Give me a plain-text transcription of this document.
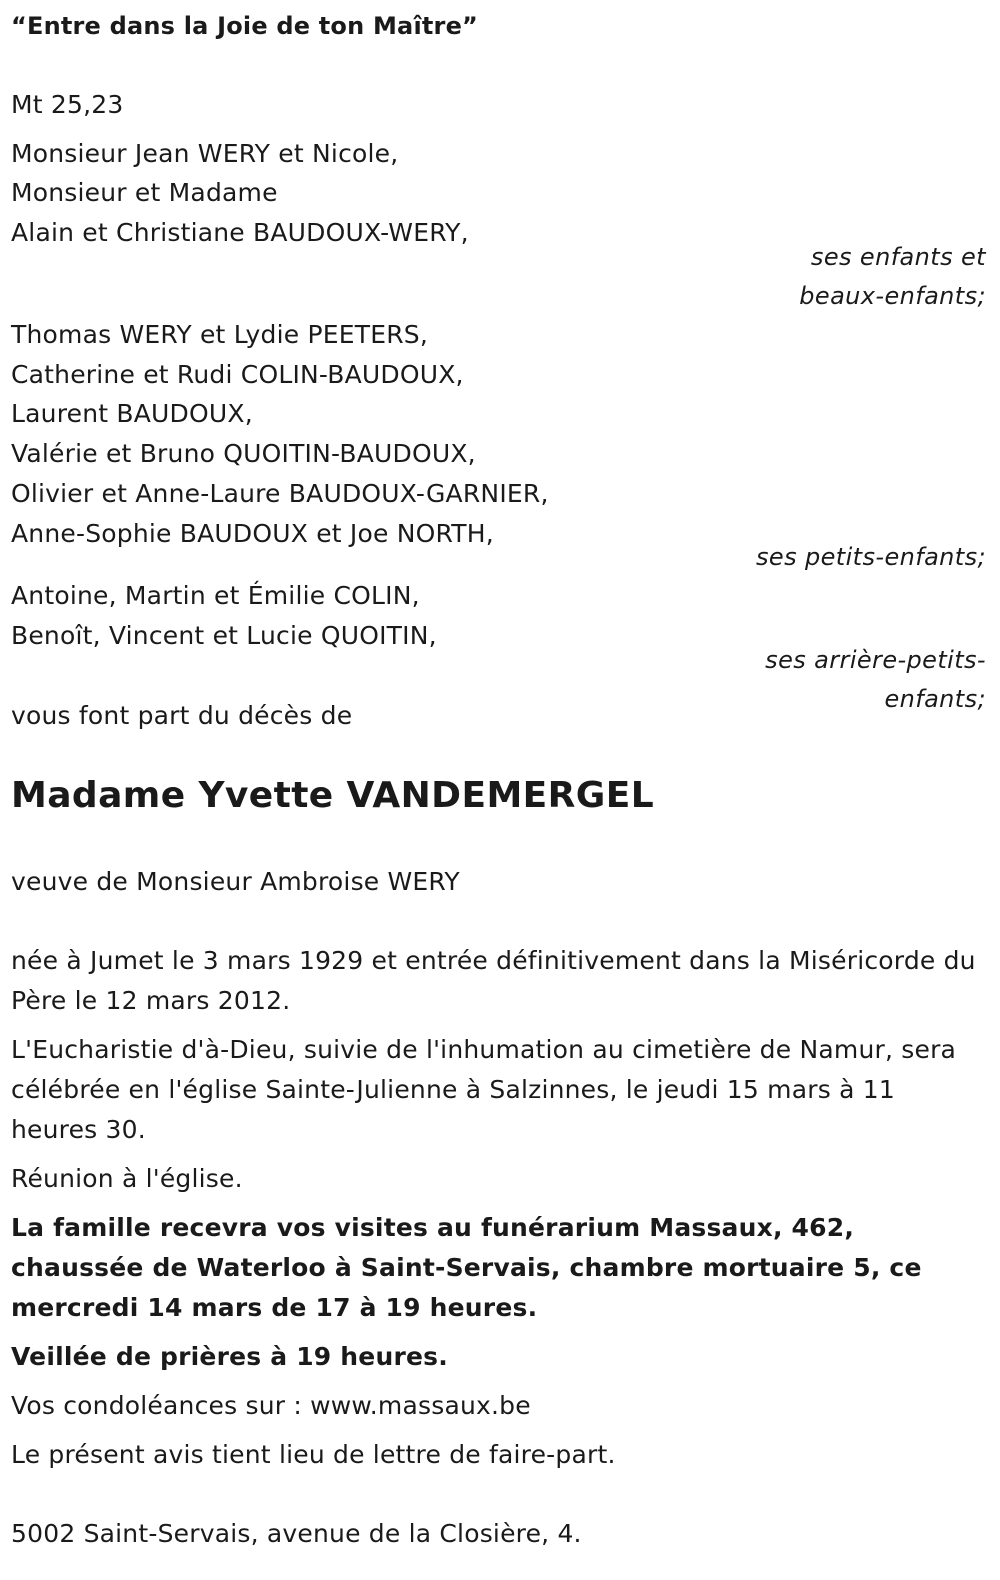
“Entre dans la Joie de ton Maître”
Mt 25,23
Monsieur Jean WERY et Nicole,
Monsieur et Madame
Alain et Christiane BAUDOUX-WERY,
ses enfants et
beaux-enfants;
Thomas WERY et Lydie PEETERS,
Catherine et Rudi COLIN-BAUDOUX,
Laurent BAUDOUX,
Valérie et Bruno QUOITIN-BAUDOUX,
Olivier et Anne-Laure BAUDOUX-GARNIER,
Anne-Sophie BAUDOUX et Joe NORTH,
ses petits-enfants;
Antoine, Martin et Émilie COLIN,
Benoît, Vincent et Lucie QUOITIN,
ses arrière-petits-
enfants;
vous font part du décès de
Madame Yvette VANDEMERGEL
veuve de Monsieur Ambroise WERY
née à Jumet le 3 mars 1929 et entrée définitivement dans la Miséricorde du Père le 12 mars 2012.
L'Eucharistie d'à-Dieu, suivie de l'inhumation au cimetière de Namur, sera célébrée en l'église Sainte-Julienne à Salzinnes, le jeudi 15 mars à 11 heures 30.
Réunion à l'église.
La famille recevra vos visites au funérarium Massaux, 462, chaussée de Waterloo à Saint-Servais, chambre mortuaire 5, ce mercredi 14 mars de 17 à 19 heures.
Veillée de prières à 19 heures.
Vos condoléances sur : www.massaux.be
Le présent avis tient lieu de lettre de faire-part.
5002 Saint-Servais, avenue de la Closière, 4.
